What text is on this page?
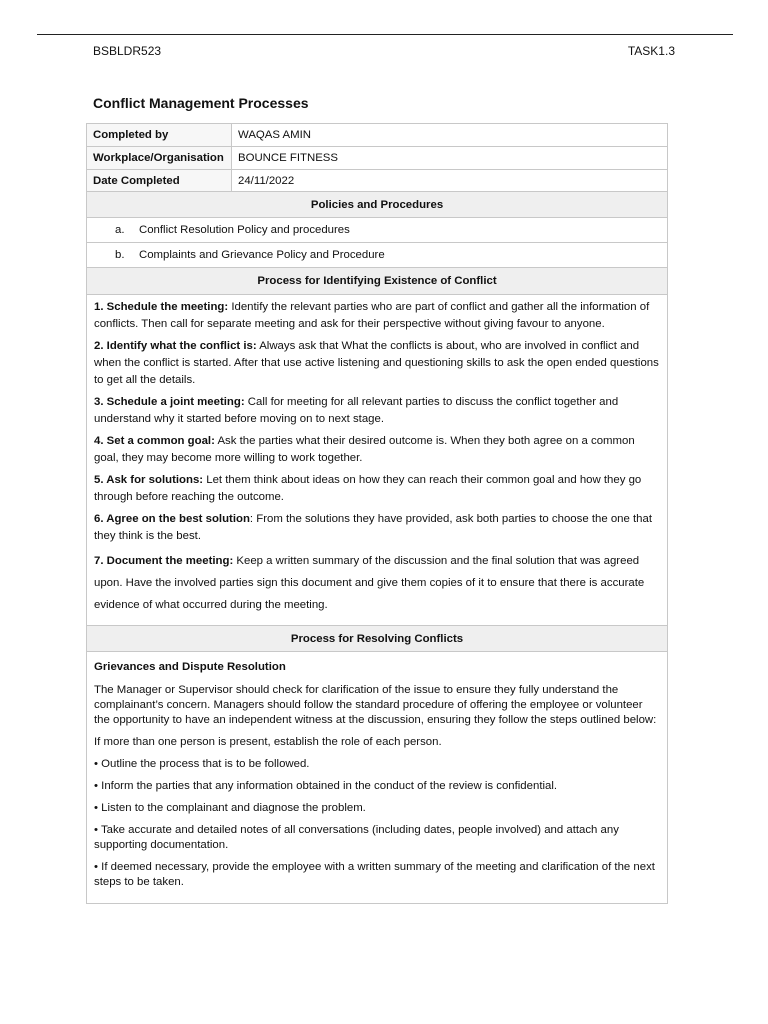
BSBLDR523	TASK1.3
Conflict Management Processes
Completed by	WAQAS AMIN
Workplace/Organisation	BOUNCE FITNESS
Date Completed	24/11/2022
Policies and Procedures
a.	Conflict Resolution Policy and procedures
b.	Complaints and Grievance Policy and Procedure
Process for Identifying Existence of Conflict

1. Schedule the meeting: Identify the relevant parties who are part of conflict and gather all the information of conflicts. Then call for separate meeting and ask for their perspective without giving favour to anyone.

2. Identify what the conflict is: Always ask that What the conflicts is about, who are involved in conflict and when the conflict is started. After that use active listening and questioning skills to ask the open ended questions to get all the details.

3. Schedule a joint meeting: Call for meeting for all relevant parties to discuss the conflict together and understand why it started before moving on to next stage.

4. Set a common goal: Ask the parties what their desired outcome is. When they both agree on a common goal, they may become more willing to work together.

5. Ask for solutions: Let them think about ideas on how they can reach their common goal and how they go through before reaching the outcome.

6. Agree on the best solution: From the solutions they have provided, ask both parties to choose the one that they think is the best.

7. Document the meeting: Keep a written summary of the discussion and the final solution that was agreed upon. Have the involved parties sign this document and give them copies of it to ensure that there is accurate evidence of what occurred during the meeting.

Process for Resolving Conflicts

Grievances and Dispute Resolution

The Manager or Supervisor should check for clarification of the issue to ensure they fully understand the complainant’s concern. Managers should follow the standard procedure of offering the employee or volunteer the opportunity to have an independent witness at the discussion, ensuring they follow the steps outlined below:

If more than one person is present, establish the role of each person.

• Outline the process that is to be followed.

• Inform the parties that any information obtained in the conduct of the review is confidential.

• Listen to the complainant and diagnose the problem.

• Take accurate and detailed notes of all conversations (including dates, people involved) and attach any supporting documentation.

• If deemed necessary, provide the employee with a written summary of the meeting and clarification of the next steps to be taken.
